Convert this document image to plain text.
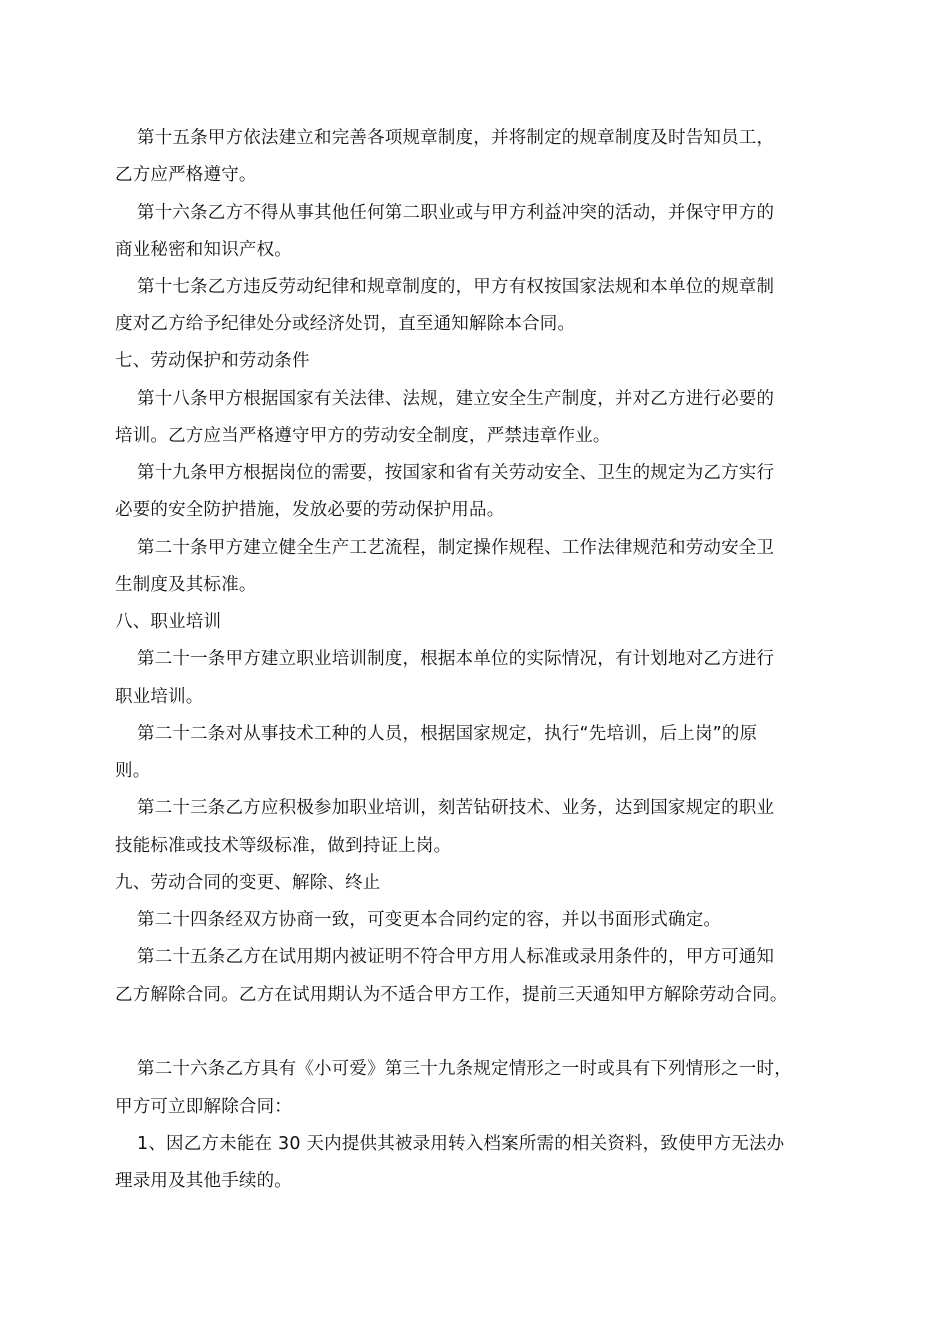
第十五条甲方依法建立和完善各项规章制度，并将制定的规章制度及时告知员工，
乙方应严格遵守。
第十六条乙方不得从事其他任何第二职业或与甲方利益冲突的活动，并保守甲方的
商业秘密和知识产权。
第十七条乙方违反劳动纪律和规章制度的，甲方有权按国家法规和本单位的规章制
度对乙方给予纪律处分或经济处罚，直至通知解除本合同。
七、劳动保护和劳动条件
第十八条甲方根据国家有关法律、法规，建立安全生产制度，并对乙方进行必要的
培训。乙方应当严格遵守甲方的劳动安全制度，严禁违章作业。
第十九条甲方根据岗位的需要，按国家和省有关劳动安全、卫生的规定为乙方实行
必要的安全防护措施，发放必要的劳动保护用品。
第二十条甲方建立健全生产工艺流程，制定操作规程、工作法律规范和劳动安全卫
生制度及其标准。
八、职业培训
第二十一条甲方建立职业培训制度，根据本单位的实际情况，有计划地对乙方进行
职业培训。
第二十二条对从事技术工种的人员，根据国家规定，执行“先培训，后上岗”的原
则。
第二十三条乙方应积极参加职业培训，刻苦钻研技术、业务，达到国家规定的职业
技能标准或技术等级标准，做到持证上岗。
九、劳动合同的变更、解除、终止
第二十四条经双方协商一致，可变更本合同约定的容，并以书面形式确定。
第二十五条乙方在试用期内被证明不符合甲方用人标准或录用条件的，甲方可通知
乙方解除合同。乙方在试用期认为不适合甲方工作，提前三天通知甲方解除劳动合同。
第二十六条乙方具有《小可爱》第三十九条规定情形之一时或具有下列情形之一时，
甲方可立即解除合同：
1、因乙方未能在 30 天内提供其被录用转入档案所需的相关资料，致使甲方无法办
理录用及其他手续的。
